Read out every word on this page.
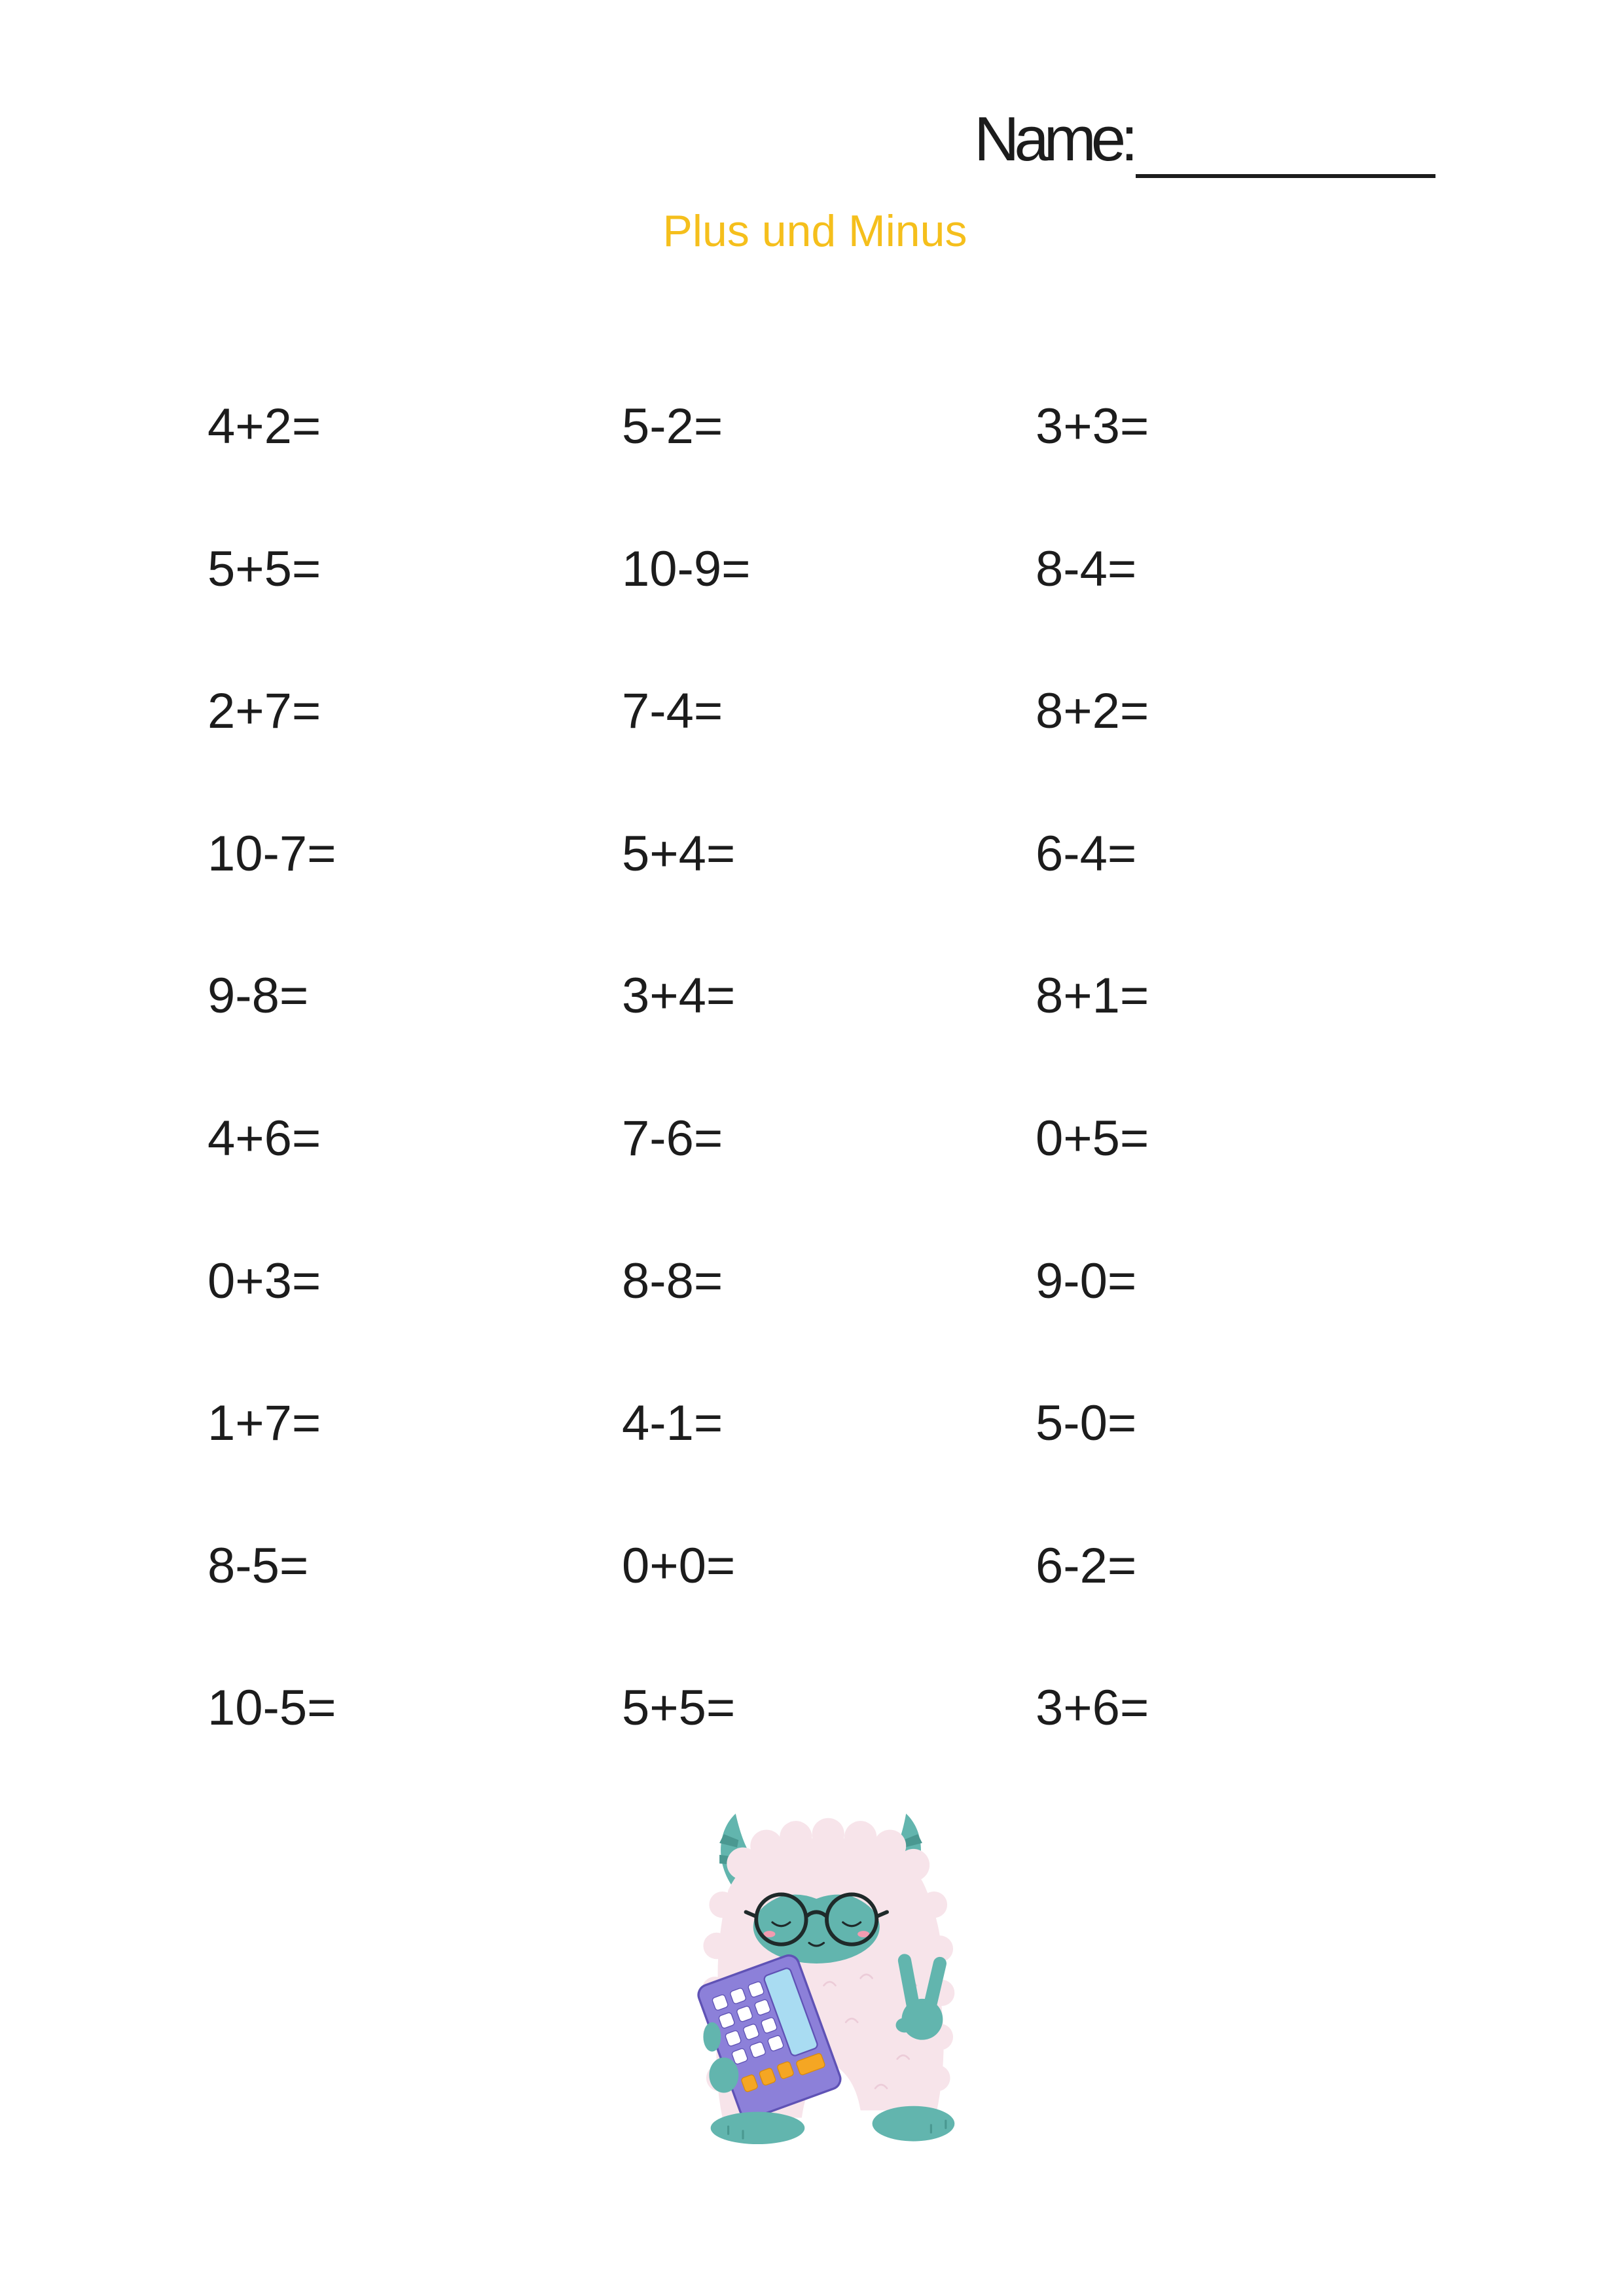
Name:
Plus und Minus
4+2=	5-2=	3+3=
5+5=	10-9=	8-4=
2+7=	7-4=	8+2=
10-7=	5+4=	6-4=
9-8=	3+4=	8+1=
4+6=	7-6=	0+5=
0+3=	8-8=	9-0=
1+7=	4-1=	5-0=
8-5=	0+0=	6-2=
10-5=	5+5=	3+6=
